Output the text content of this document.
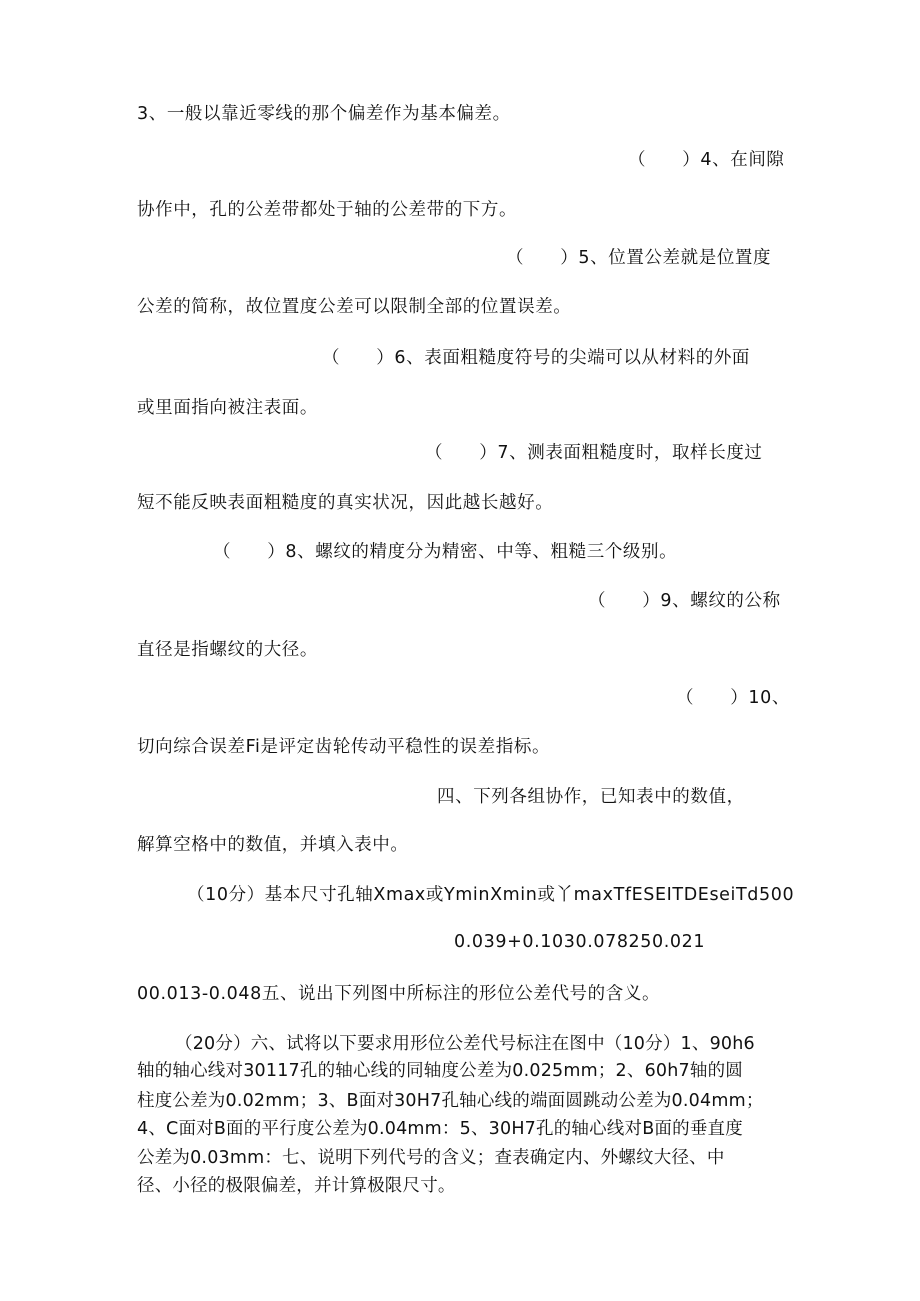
3、一般以靠近零线的那个偏差作为基本偏差。
（　　）4、在间隙
协作中，孔的公差带都处于轴的公差带的下方。
（　　）5、位置公差就是位置度
公差的简称，故位置度公差可以限制全部的位置误差。
（　　）6、表面粗糙度符号的尖端可以从材料的外面
或里面指向被注表面。
（　　）7、测表面粗糙度时，取样长度过
短不能反映表面粗糙度的真实状况，因此越长越好。
（　　）8、螺纹的精度分为精密、中等、粗糙三个级别。
（　　）9、螺纹的公称
直径是指螺纹的大径。
（　　）10、
切向综合误差Fi是评定齿轮传动平稳性的误差指标。
四、下列各组协作，已知表中的数值，
解算空格中的数值，并填入表中。
（10分）基本尺寸孔轴Xmax或YminXmin或丫maxTfESEITDEseiTd500
0.039+0.1030.078250.021
00.013-0.048五、说出下列图中所标注的形位公差代号的含义。
（20分）六、试将以下要求用形位公差代号标注在图中（10分）1、90h6
轴的轴心线对30117孔的轴心线的同轴度公差为0.025mm；2、60h7轴的圆
柱度公差为0.02mm；3、B面对30H7孔轴心线的端面圆跳动公差为0.04mm；
4、C面对B面的平行度公差为0.04mm：5、30H7孔的轴心线对B面的垂直度
公差为0.03mm：七、说明下列代号的含义；查表确定内、外螺纹大径、中
径、小径的极限偏差，并计算极限尺寸。
